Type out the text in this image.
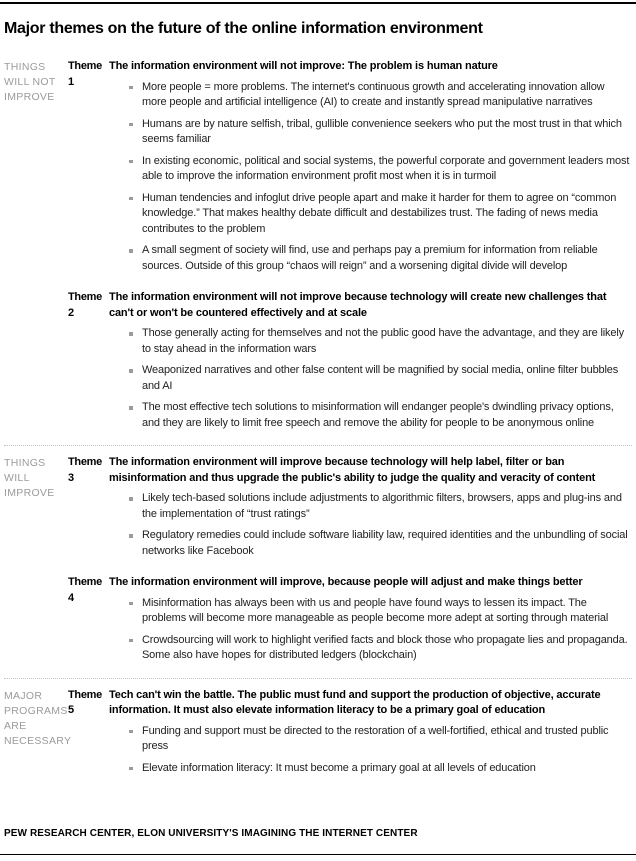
Major themes on the future of the online information environment
THINGS WILL NOT IMPROVE
Theme 1
The information environment will not improve: The problem is human nature
More people = more problems. The internet's continuous growth and accelerating innovation allow more people and artificial intelligence (AI) to create and instantly spread manipulative narratives
Humans are by nature selfish, tribal, gullible convenience seekers who put the most trust in that which seems familiar
In existing economic, political and social systems, the powerful corporate and government leaders most able to improve the information environment profit most when it is in turmoil
Human tendencies and infoglut drive people apart and make it harder for them to agree on “common knowledge.” That makes healthy debate difficult and destabilizes trust. The fading of news media contributes to the problem
A small segment of society will find, use and perhaps pay a premium for information from reliable sources. Outside of this group “chaos will reign” and a worsening digital divide will develop
Theme 2
The information environment will not improve because technology will create new challenges that can't or won't be countered effectively and at scale
Those generally acting for themselves and not the public good have the advantage, and they are likely to stay ahead in the information wars
Weaponized narratives and other false content will be magnified by social media, online filter bubbles and AI
The most effective tech solutions to misinformation will endanger people's dwindling privacy options, and they are likely to limit free speech and remove the ability for people to be anonymous online
THINGS WILL IMPROVE
Theme 3
The information environment will improve because technology will help label, filter or ban misinformation and thus upgrade the public's ability to judge the quality and veracity of content
Likely tech-based solutions include adjustments to algorithmic filters, browsers, apps and plug-ins and the implementation of “trust ratings”
Regulatory remedies could include software liability law, required identities and the unbundling of social networks like Facebook
Theme 4
The information environment will improve, because people will adjust and make things better
Misinformation has always been with us and people have found ways to lessen its impact. The problems will become more manageable as people become more adept at sorting through material
Crowdsourcing will work to highlight verified facts and block those who propagate lies and propaganda. Some also have hopes for distributed ledgers (blockchain)
MAJOR PROGRAMS ARE NECESSARY
Theme 5
Tech can't win the battle. The public must fund and support the production of objective, accurate information. It must also elevate information literacy to be a primary goal of education
Funding and support must be directed to the restoration of a well-fortified, ethical and trusted public press
Elevate information literacy: It must become a primary goal at all levels of education
PEW RESEARCH CENTER, ELON UNIVERSITY'S IMAGINING THE INTERNET CENTER
